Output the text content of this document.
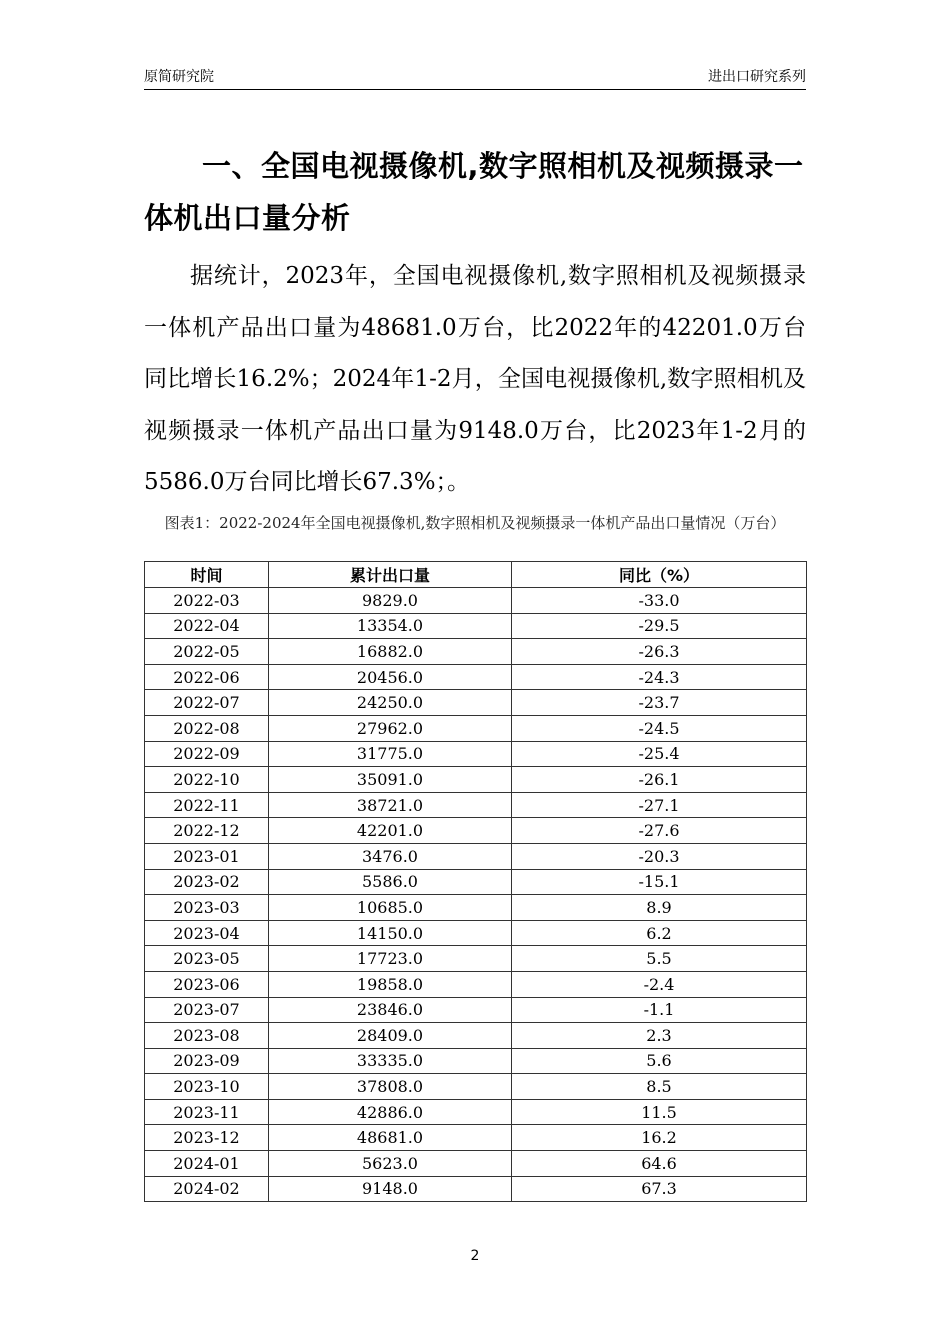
原简研究院	进出口研究系列
一、全国电视摄像机,数字照相机及视频摄录一体机出口量分析
据统计，2023年，全国电视摄像机,数字照相机及视频摄录一体机产品出口量为48681.0万台，比2022年的42201.0万台同比增长16.2%；2024年1-2月，全国电视摄像机,数字照相机及视频摄录一体机产品出口量为9148.0万台，比2023年1-2月的5586.0万台同比增长67.3%；。
图表1：2022-2024年全国电视摄像机,数字照相机及视频摄录一体机产品出口量情况（万台）
时间	累计出口量	同比（%）
2022-03	9829.0	-33.0
2022-04	13354.0	-29.5
2022-05	16882.0	-26.3
2022-06	20456.0	-24.3
2022-07	24250.0	-23.7
2022-08	27962.0	-24.5
2022-09	31775.0	-25.4
2022-10	35091.0	-26.1
2022-11	38721.0	-27.1
2022-12	42201.0	-27.6
2023-01	3476.0	-20.3
2023-02	5586.0	-15.1
2023-03	10685.0	8.9
2023-04	14150.0	6.2
2023-05	17723.0	5.5
2023-06	19858.0	-2.4
2023-07	23846.0	-1.1
2023-08	28409.0	2.3
2023-09	33335.0	5.6
2023-10	37808.0	8.5
2023-11	42886.0	11.5
2023-12	48681.0	16.2
2024-01	5623.0	64.6
2024-02	9148.0	67.3
2
